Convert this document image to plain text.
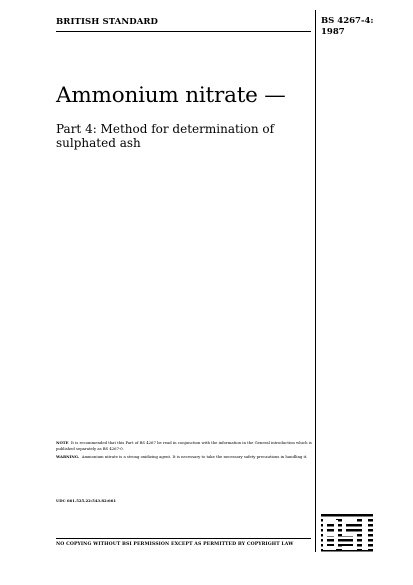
BRITISH STANDARD	BS 4267-4:
1987
Ammonium nitrate —
Part 4: Method for determination of
sulphated ash

NOTE It is recommended that this Part of BS 4267 be read in conjunction with the information in the General introduction which is published separately as BS 4267-0.

WARNING. Ammonium nitrate is a strong oxidizing agent. It is necessary to take the necessary safety precautions in handling it.

UDC 661.525.22:543.82:661
NO COPYING WITHOUT BSI PERMISSION EXCEPT AS PERMITTED BY COPYRIGHT LAW
